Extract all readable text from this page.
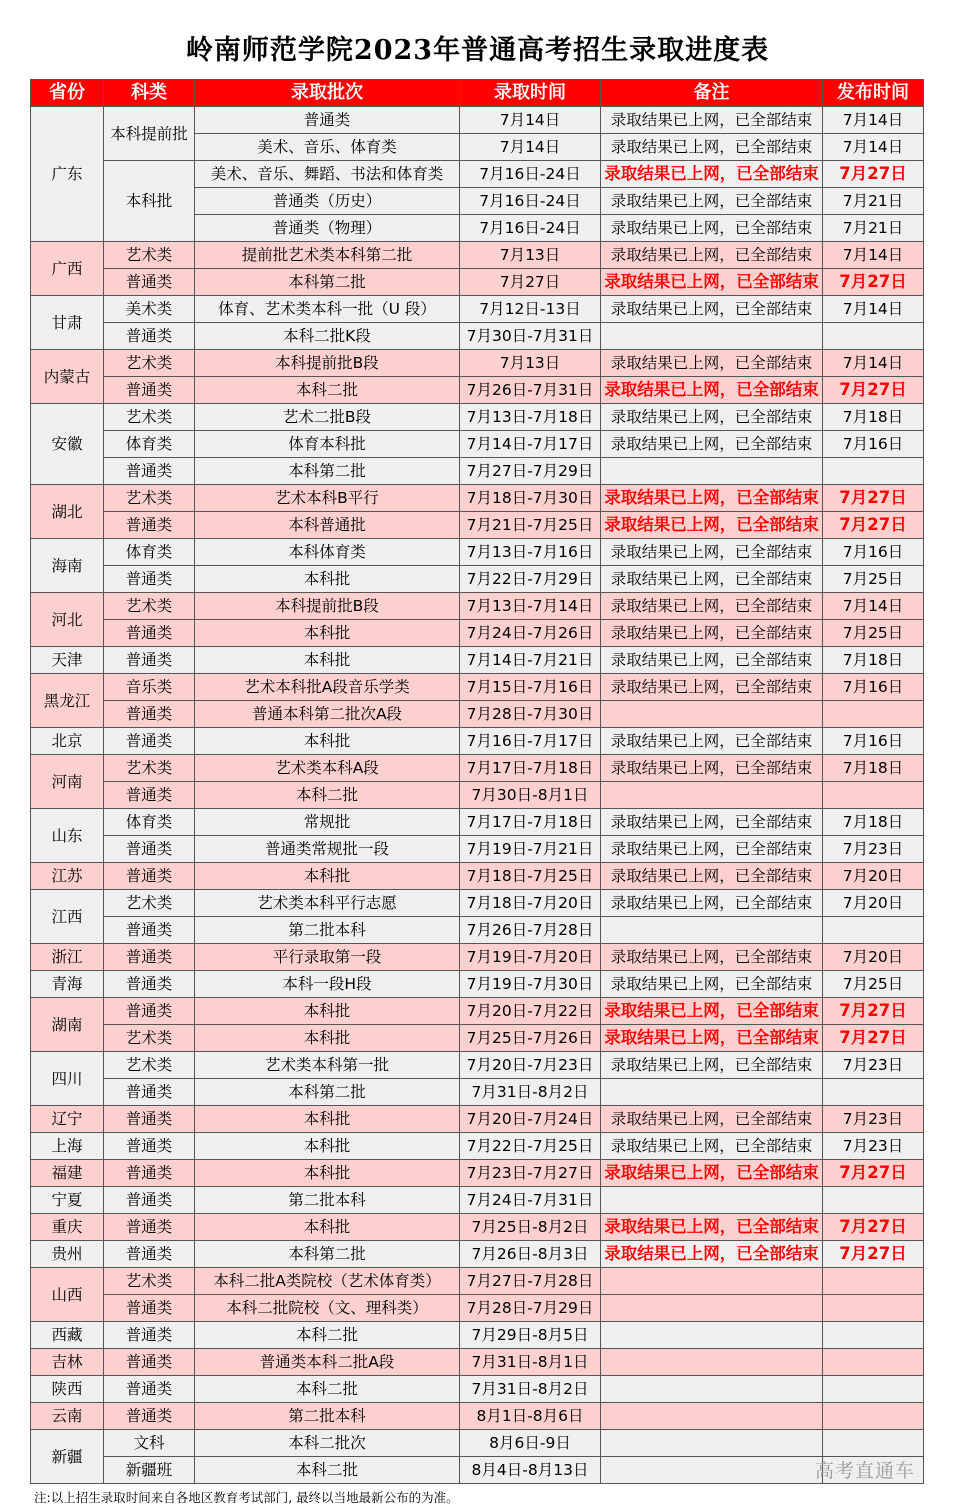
岭南师范学院2023年普通高考招生录取进度表
省份	科类	录取批次	录取时间	备注	发布时间
广东	本科提前批	普通类	7月14日	录取结果已上网，已全部结束	7月14日
		美术、音乐、体育类	7月14日	录取结果已上网，已全部结束	7月14日
	本科批	美术、音乐、舞蹈、书法和体育类	7月16日-24日	录取结果已上网，已全部结束	7月27日
		普通类（历史）	7月16日-24日	录取结果已上网，已全部结束	7月21日
		普通类（物理）	7月16日-24日	录取结果已上网，已全部结束	7月21日
广西	艺术类	提前批艺术类本科第二批	7月13日	录取结果已上网，已全部结束	7月14日
	普通类	本科第二批	7月27日	录取结果已上网，已全部结束	7月27日
甘肃	美术类	体育、艺术类本科一批（U 段）	7月12日-13日	录取结果已上网，已全部结束	7月14日
	普通类	本科二批K段	7月30日-7月31日		
内蒙古	艺术类	本科提前批B段	7月13日	录取结果已上网，已全部结束	7月14日
	普通类	本科二批	7月26日-7月31日	录取结果已上网，已全部结束	7月27日
安徽	艺术类	艺术二批B段	7月13日-7月18日	录取结果已上网，已全部结束	7月18日
	体育类	体育本科批	7月14日-7月17日	录取结果已上网，已全部结束	7月16日
	普通类	本科第二批	7月27日-7月29日		
湖北	艺术类	艺术本科B平行	7月18日-7月30日	录取结果已上网，已全部结束	7月27日
	普通类	本科普通批	7月21日-7月25日	录取结果已上网，已全部结束	7月27日
海南	体育类	本科体育类	7月13日-7月16日	录取结果已上网，已全部结束	7月16日
	普通类	本科批	7月22日-7月29日	录取结果已上网，已全部结束	7月25日
河北	艺术类	本科提前批B段	7月13日-7月14日	录取结果已上网，已全部结束	7月14日
	普通类	本科批	7月24日-7月26日	录取结果已上网，已全部结束	7月25日
天津	普通类	本科批	7月14日-7月21日	录取结果已上网，已全部结束	7月18日
黑龙江	音乐类	艺术本科批A段音乐学类	7月15日-7月16日	录取结果已上网，已全部结束	7月16日
	普通类	普通本科第二批次A段	7月28日-7月30日		
北京	普通类	本科批	7月16日-7月17日	录取结果已上网，已全部结束	7月16日
河南	艺术类	艺术类本科A段	7月17日-7月18日	录取结果已上网，已全部结束	7月18日
	普通类	本科二批	7月30日-8月1日		
山东	体育类	常规批	7月17日-7月18日	录取结果已上网，已全部结束	7月18日
	普通类	普通类常规批一段	7月19日-7月21日	录取结果已上网，已全部结束	7月23日
江苏	普通类	本科批	7月18日-7月25日	录取结果已上网，已全部结束	7月20日
江西	艺术类	艺术类本科平行志愿	7月18日-7月20日	录取结果已上网，已全部结束	7月20日
	普通类	第二批本科	7月26日-7月28日		
浙江	普通类	平行录取第一段	7月19日-7月20日	录取结果已上网，已全部结束	7月20日
青海	普通类	本科一段H段	7月19日-7月30日	录取结果已上网，已全部结束	7月25日
湖南	普通类	本科批	7月20日-7月22日	录取结果已上网，已全部结束	7月27日
	艺术类	本科批	7月25日-7月26日	录取结果已上网，已全部结束	7月27日
四川	艺术类	艺术类本科第一批	7月20日-7月23日	录取结果已上网，已全部结束	7月23日
	普通类	本科第二批	7月31日-8月2日		
辽宁	普通类	本科批	7月20日-7月24日	录取结果已上网，已全部结束	7月23日
上海	普通类	本科批	7月22日-7月25日	录取结果已上网，已全部结束	7月23日
福建	普通类	本科批	7月23日-7月27日	录取结果已上网，已全部结束	7月27日
宁夏	普通类	第二批本科	7月24日-7月31日		
重庆	普通类	本科批	7月25日-8月2日	录取结果已上网，已全部结束	7月27日
贵州	普通类	本科第二批	7月26日-8月3日	录取结果已上网，已全部结束	7月27日
山西	艺术类	本科二批A类院校（艺术体育类）	7月27日-7月28日		
	普通类	本科二批院校（文、理科类）	7月28日-7月29日		
西藏	普通类	本科二批	7月29日-8月5日		
吉林	普通类	普通类本科二批A段	7月31日-8月1日		
陕西	普通类	本科二批	7月31日-8月2日		
云南	普通类	第二批本科	8月1日-8月6日		
新疆	文科	本科二批次	8月6日-9日		
	新疆班	本科二批	8月4日-8月13日		
注:以上招生录取时间来自各地区教育考试部门, 最终以当地最新公布的为准。
高考直通车
